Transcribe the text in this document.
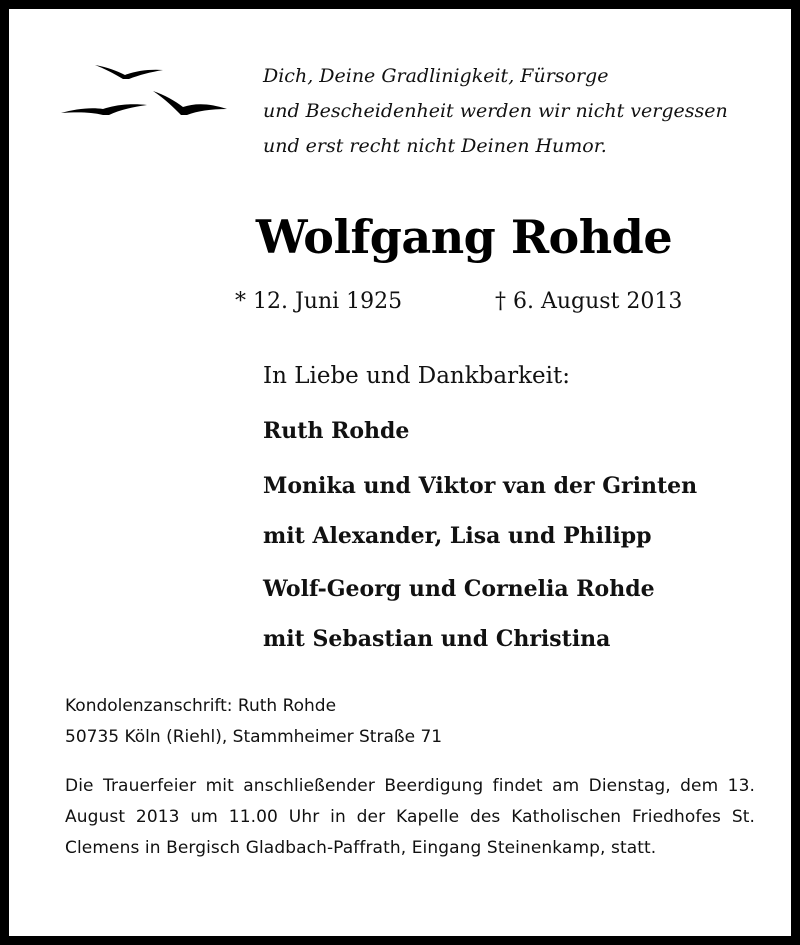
Dich, Deine Gradlinigkeit, Fürsorge
und Bescheidenheit werden wir nicht vergessen
und erst recht nicht Deinen Humor.
Wolfgang Rohde
* 12. Juni 1925	† 6. August 2013
In Liebe und Dankbarkeit:
Ruth Rohde
Monika und Viktor van der Grinten
mit Alexander, Lisa und Philipp
Wolf-Georg und Cornelia Rohde
mit Sebastian und Christina
Kondolenzanschrift: Ruth Rohde
50735 Köln (Riehl), Stammheimer Straße 71
Die Trauerfeier mit anschließender Beerdigung findet am Dienstag, dem 13. August 2013 um 11.00 Uhr in der Kapelle des Katholischen Friedhofes St. Clemens in Bergisch Gladbach-Paffrath, Eingang Steinenkamp, statt.
